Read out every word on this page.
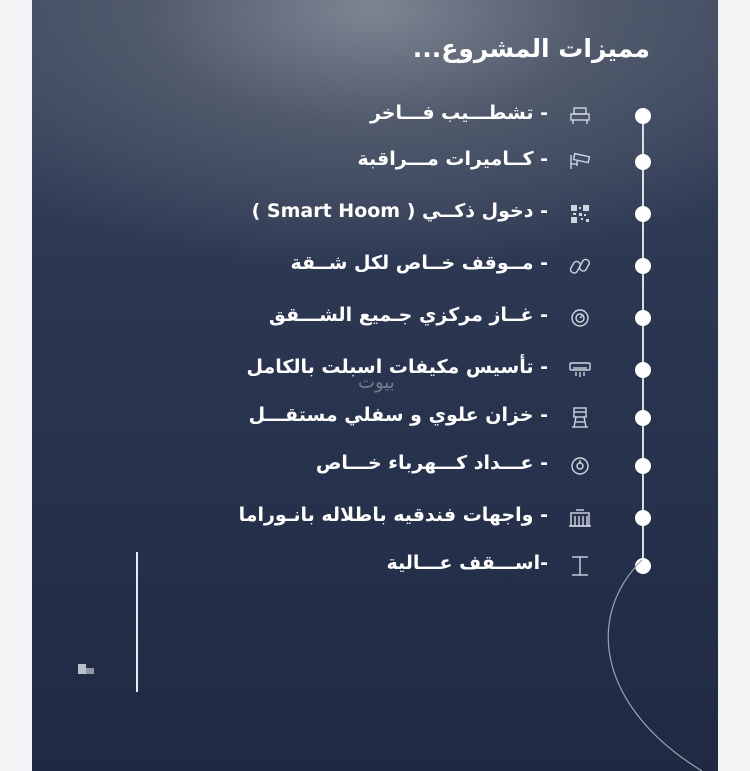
مميزات المشروع...
- تشطـــيب فـــاخر
- كــاميرات مـــراقبة
- دخول ذكــي ( Smart Hoom )
- مــوقف خــاص لكل شــقة
- غــاز مركزي جـميع الشـــقق
- تأسيس مكيفات اسبلت بالكامل
- خزان علوي و سفلي مستقـــل
- عـــداد كـــهرباء خـــاص
- واجهات فندقيه باطلاله بانـوراما
-اســـقف عـــالية
بيوت
